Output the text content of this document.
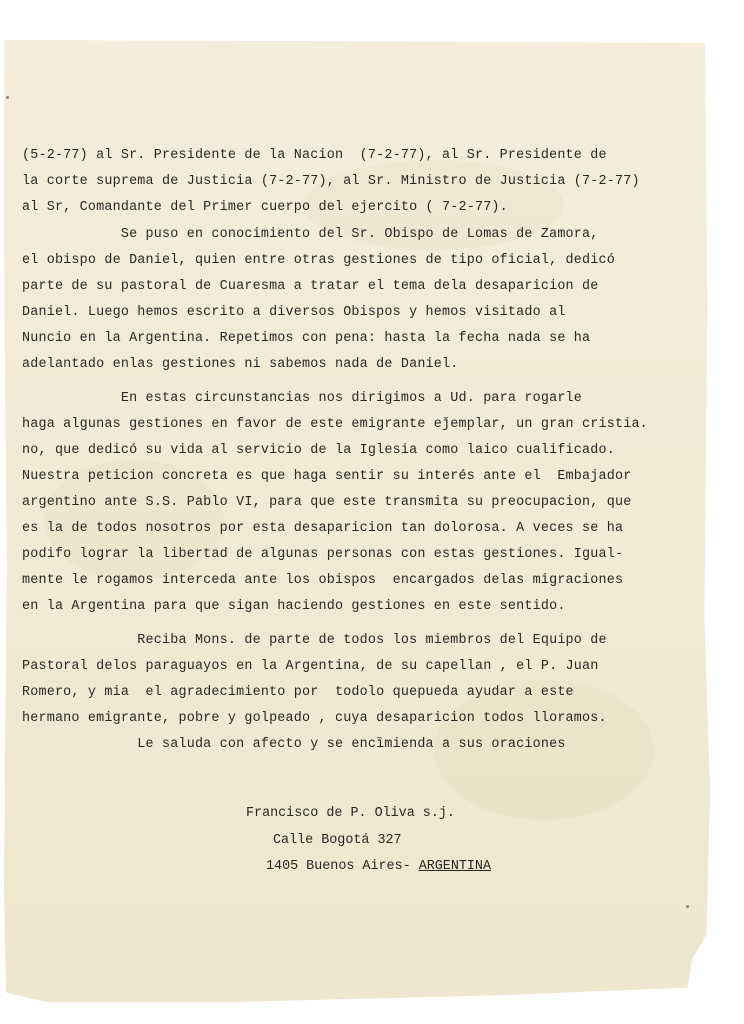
(5-2-77) al Sr. Presidente de la Nacion  (7-2-77), al Sr. Presidente de
la corte suprema de Justicia (7-2-77), al Sr. Ministro de Justicia (7-2-77)
al Sr, Comandante del Primer cuerpo del ejercito ( 7-2-77).
Se puso en conocimiento del Sr. Obispo de Lomas de Zamora,
el obispo de Daniel, quien entre otras gestiones de tipo oficial, dedicó
parte de su pastoral de Cuaresma a tratar el tema dela desaparicion de
Daniel. Luego hemos escrito a diversos Obispos y hemos visitado al
Nuncio en la Argentina. Repetimos con pena: hasta la fecha nada se ha
adelantado enlas gestiones ni sabemos nada de Daniel.
En estas circunstancias nos dirigimos a Ud. para rogarle
haga algunas gestiones en favor de este emigrante eǰemplar, un gran cristia.
no, que dedicó su vida al servicio de la Iglesia como laico cualificado.
Nuestra peticion concreta es que haga sentir su interés ante el  Embajador
argentino ante S.S. Pablo VI, para que este transmita su preocupacion, que
es la de todos nosotros por esta desaparicion tan dolorosa. A veces se ha
podifo lograr la libertad de algunas personas con estas gestiones. Igual-
mente le rogamos interceda ante los obispos  encargados delas migraciones
en la Argentina para que sigan haciendo gestiones en este sentido.
Reciba Mons. de parte de todos los miembros del Equipo de
Pastoral delos paraguayos en la Argentina, de su capellan , el P. Juan
Romero, y mia  el agradecimiento por  todolo quepueda ayudar a este
hermano emigrante, pobre y golpeado , cuya desaparicion todos lloramos.
Le saluda con afecto y se encȉmienda a sus oraciones
Francisco de P. Oliva s.j.
Calle Bogotá 327
1405 Buenos Aires- ARGENTINA
